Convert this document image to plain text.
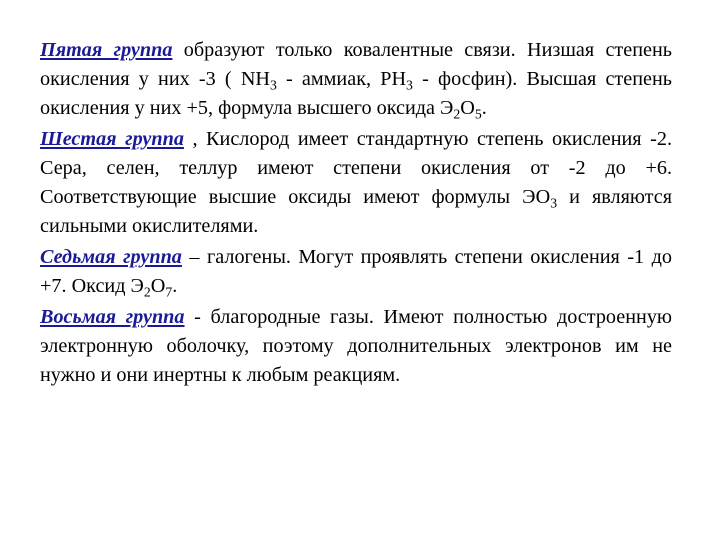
Пятая группа образуют только ковалентные связи. Низшая степень окисления у них -3 ( $NH_3$ - аммиак, $PH_3$ - фосфин). Высшая степень окисления у них +5, формула высшего оксида $Э_2О_5$.

Шестая группа , Кислород имеет стандартную степень окисления -2. Сера, селен, теллур имеют степени окисления от -2 до +6. Соответствующие высшие оксиды имеют формулы $ЭО_3$ и являются сильными окислителями.

Седьмая группа – галогены. Могут проявлять степени окисления -1 до +7. Оксид $Э_2О_7$.

Восьмая группа - благородные газы. Имеют полностью достроенную электронную оболочку, поэтому дополнительных электронов им не нужно и они инертны к любым реакциям.
